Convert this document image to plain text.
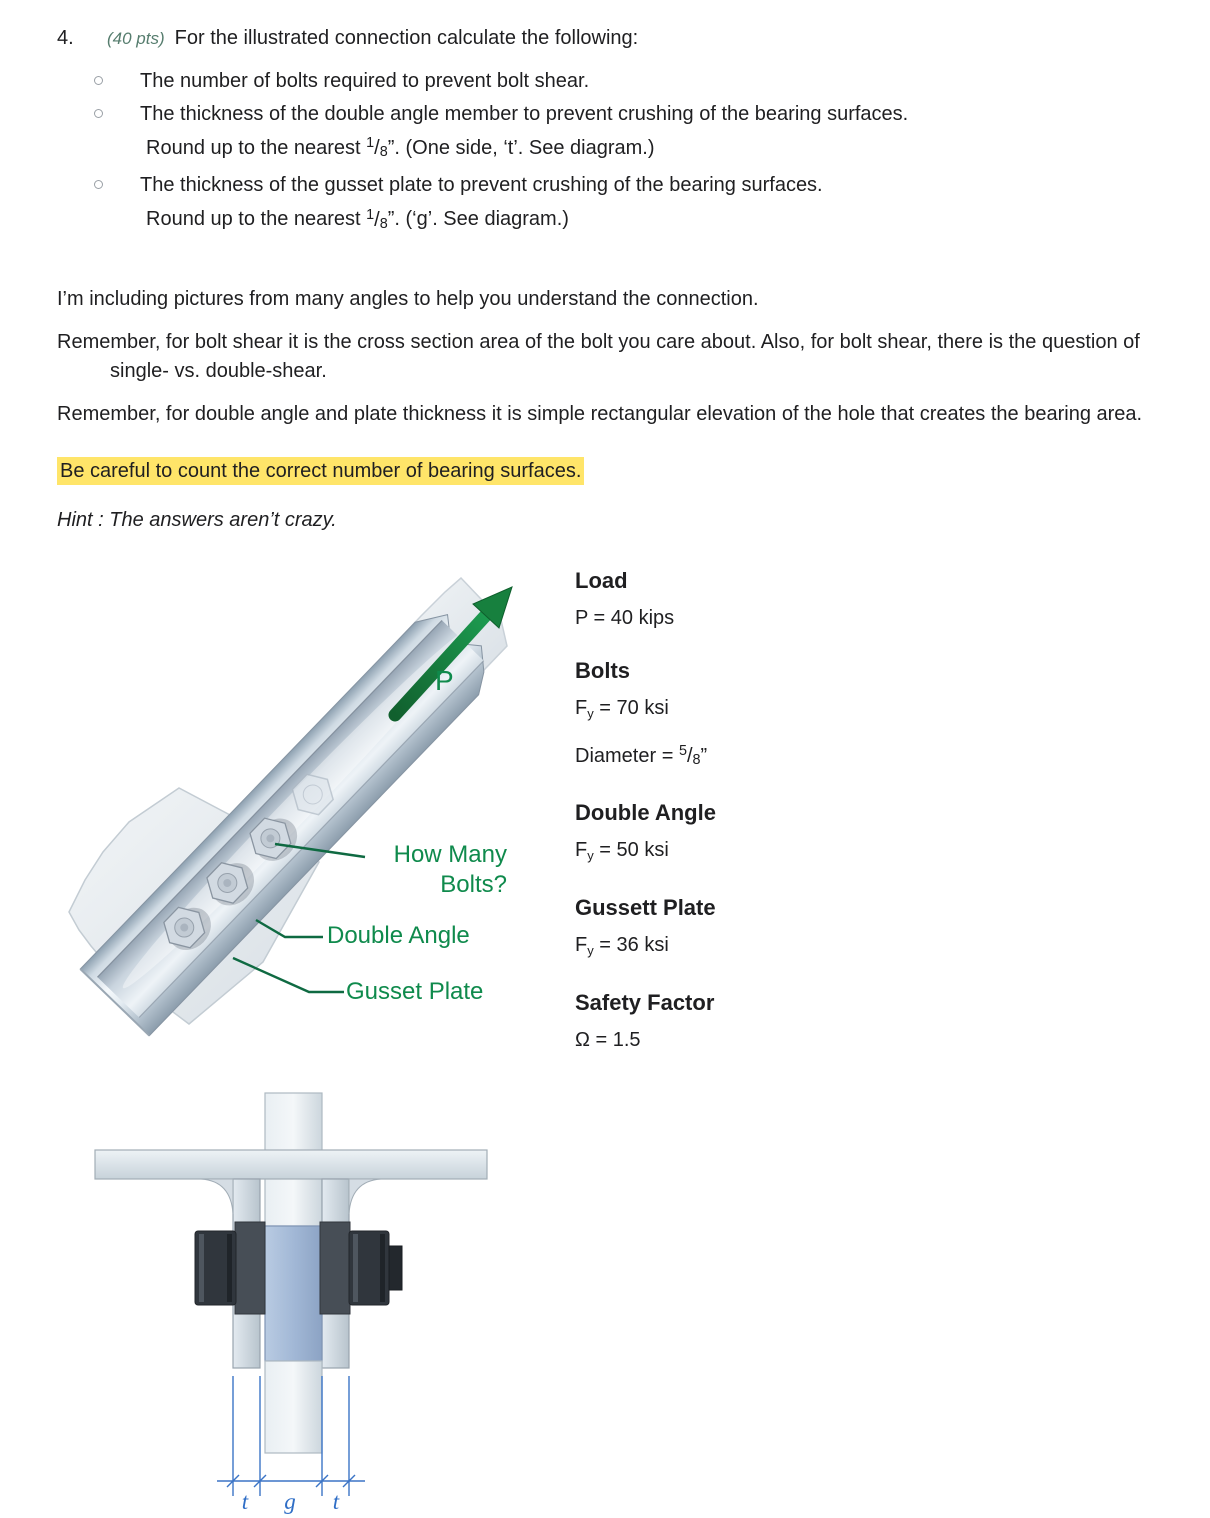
4. (40 pts) For the illustrated connection calculate the following:
The number of bolts required to prevent bolt shear.
The thickness of the double angle member to prevent crushing of the bearing surfaces.
Round up to the nearest $^1$/8”. (One side, ‘t’. See diagram.)
The thickness of the gusset plate to prevent crushing of the bearing surfaces.
Round up to the nearest $^1$/8”. (‘g’. See diagram.)

I’m including pictures from many angles to help you understand the connection.

Remember, for bolt shear it is the cross section area of the bolt you care about. Also, for bolt shear, there is the question of single- vs. double-shear.

Remember, for double angle and plate thickness it is simple rectangular elevation of the hole that creates the bearing area.

Be careful to count the correct number of bearing surfaces.

Hint : The answers aren’t crazy.

P
How Many
Bolts?
Double Angle
Gusset Plate
Load
P = 40 kips
Bolts
$F_y = 70$ ksi
Diameter = $^5$/8”
Double Angle
$F_y = 50$ ksi
Gussett Plate
$F_y = 36$ ksi
Safety Factor
Ω = 1.5
t g t
